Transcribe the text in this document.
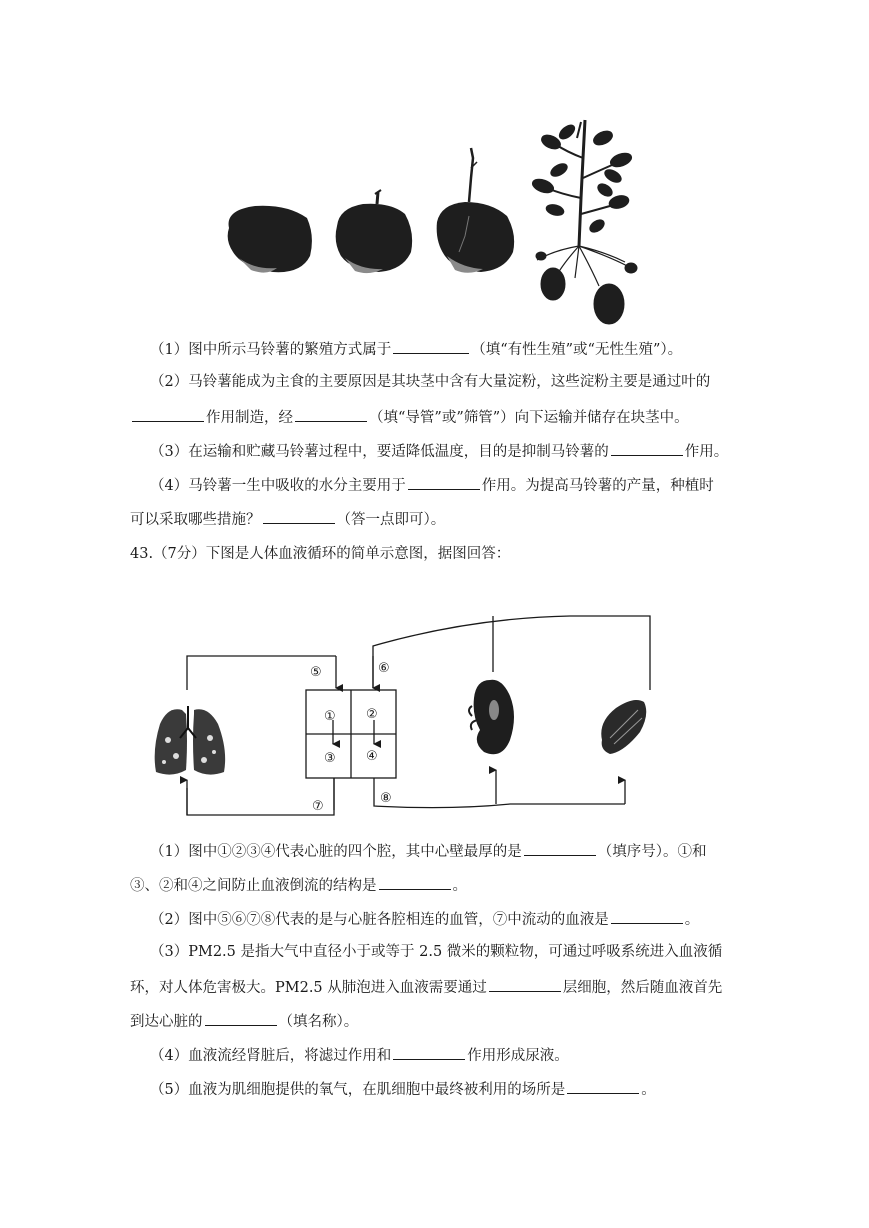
（1）图中所示马铃薯的繁殖方式属于	（填“有性生殖”或“无性生殖”）。
（2）马铃薯能成为主食的主要原因是其块茎中含有大量淀粉，这些淀粉主要是通过叶的
作用制造，经	（填“导管”或”筛管”）向下运输并储存在块茎中。
（3）在运输和贮藏马铃薯过程中，要适降低温度，目的是抑制马铃薯的	作用。
（4）马铃薯一生中吸收的水分主要用于	作用。为提高马铃薯的产量，种植时
可以采取哪些措施？	（答一点即可）。
43.（7分）下图是人体血液循环的简单示意图，据图回答：
⑤	⑥
① ②
③ ④
⑦
⑧
（1）图中①②③④代表心脏的四个腔，其中心壁最厚的是	（填序号）。①和
③、②和④之间防止血液倒流的结构是	。
（2）图中⑤⑥⑦⑧代表的是与心脏各腔相连的血管，⑦中流动的血液是	。
（3）PM2.5 是指大气中直径小于或等于 2.5 微米的颗粒物，可通过呼吸系统进入血液循
环，对人体危害极大。PM2.5 从肺泡进入血液需要通过	层细胞，然后随血液首先
到达心脏的	（填名称）。
（4）血液流经肾脏后，将滤过作用和	作用形成尿液。
（5）血液为肌细胞提供的氧气，在肌细胞中最终被利用的场所是	。
